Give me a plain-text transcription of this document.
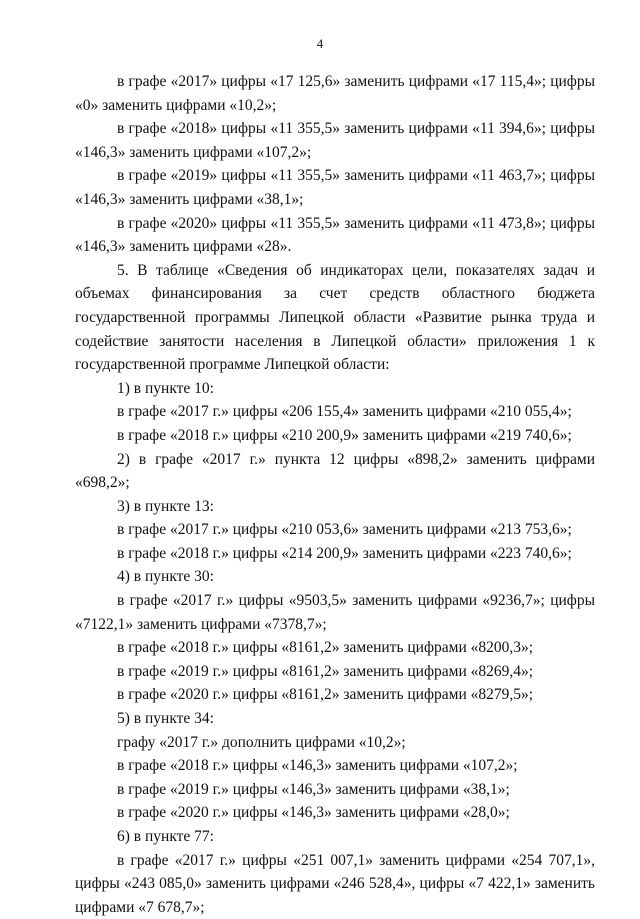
4

в графе «2017» цифры «17 125,6» заменить цифрами «17 115,4»; цифры «0» заменить цифрами «10,2»;

в графе «2018» цифры «11 355,5» заменить цифрами «11 394,6»; цифры «146,3» заменить цифрами «107,2»;

в графе «2019» цифры «11 355,5» заменить цифрами «11 463,7»; цифры «146,3» заменить цифрами «38,1»;

в графе «2020» цифры «11 355,5» заменить цифрами «11 473,8»; цифры «146,3» заменить цифрами «28».

5. В таблице «Сведения об индикаторах цели, показателях задач и объемах финансирования за счет средств областного бюджета государственной программы Липецкой области «Развитие рынка труда и содействие занятости населения в Липецкой области» приложения 1 к государственной программе Липецкой области:

1) в пункте 10:

в графе «2017 г.» цифры «206 155,4» заменить цифрами «210 055,4»;

в графе «2018 г.» цифры «210 200,9» заменить цифрами «219 740,6»;

2) в графе «2017 г.» пункта 12 цифры «898,2» заменить цифрами «698,2»;

3) в пункте 13:

в графе «2017 г.» цифры «210 053,6» заменить цифрами «213 753,6»;

в графе «2018 г.» цифры «214 200,9» заменить цифрами «223 740,6»;

4) в пункте 30:

в графе «2017 г.» цифры «9503,5» заменить цифрами «9236,7»; цифры «7122,1» заменить цифрами «7378,7»;

в графе «2018 г.» цифры «8161,2» заменить цифрами «8200,3»;

в графе «2019 г.» цифры «8161,2» заменить цифрами «8269,4»;

в графе «2020 г.» цифры «8161,2» заменить цифрами «8279,5»;

5) в пункте 34:

графу «2017 г.» дополнить цифрами «10,2»;

в графе «2018 г.» цифры «146,3» заменить цифрами «107,2»;

в графе «2019 г.» цифры «146,3» заменить цифрами «38,1»;

в графе «2020 г.» цифры «146,3» заменить цифрами «28,0»;

6) в пункте 77:

в графе «2017 г.» цифры «251 007,1» заменить цифрами «254 707,1», цифры «243 085,0» заменить цифрами «246 528,4», цифры «7 422,1» заменить цифрами «7 678,7»;
